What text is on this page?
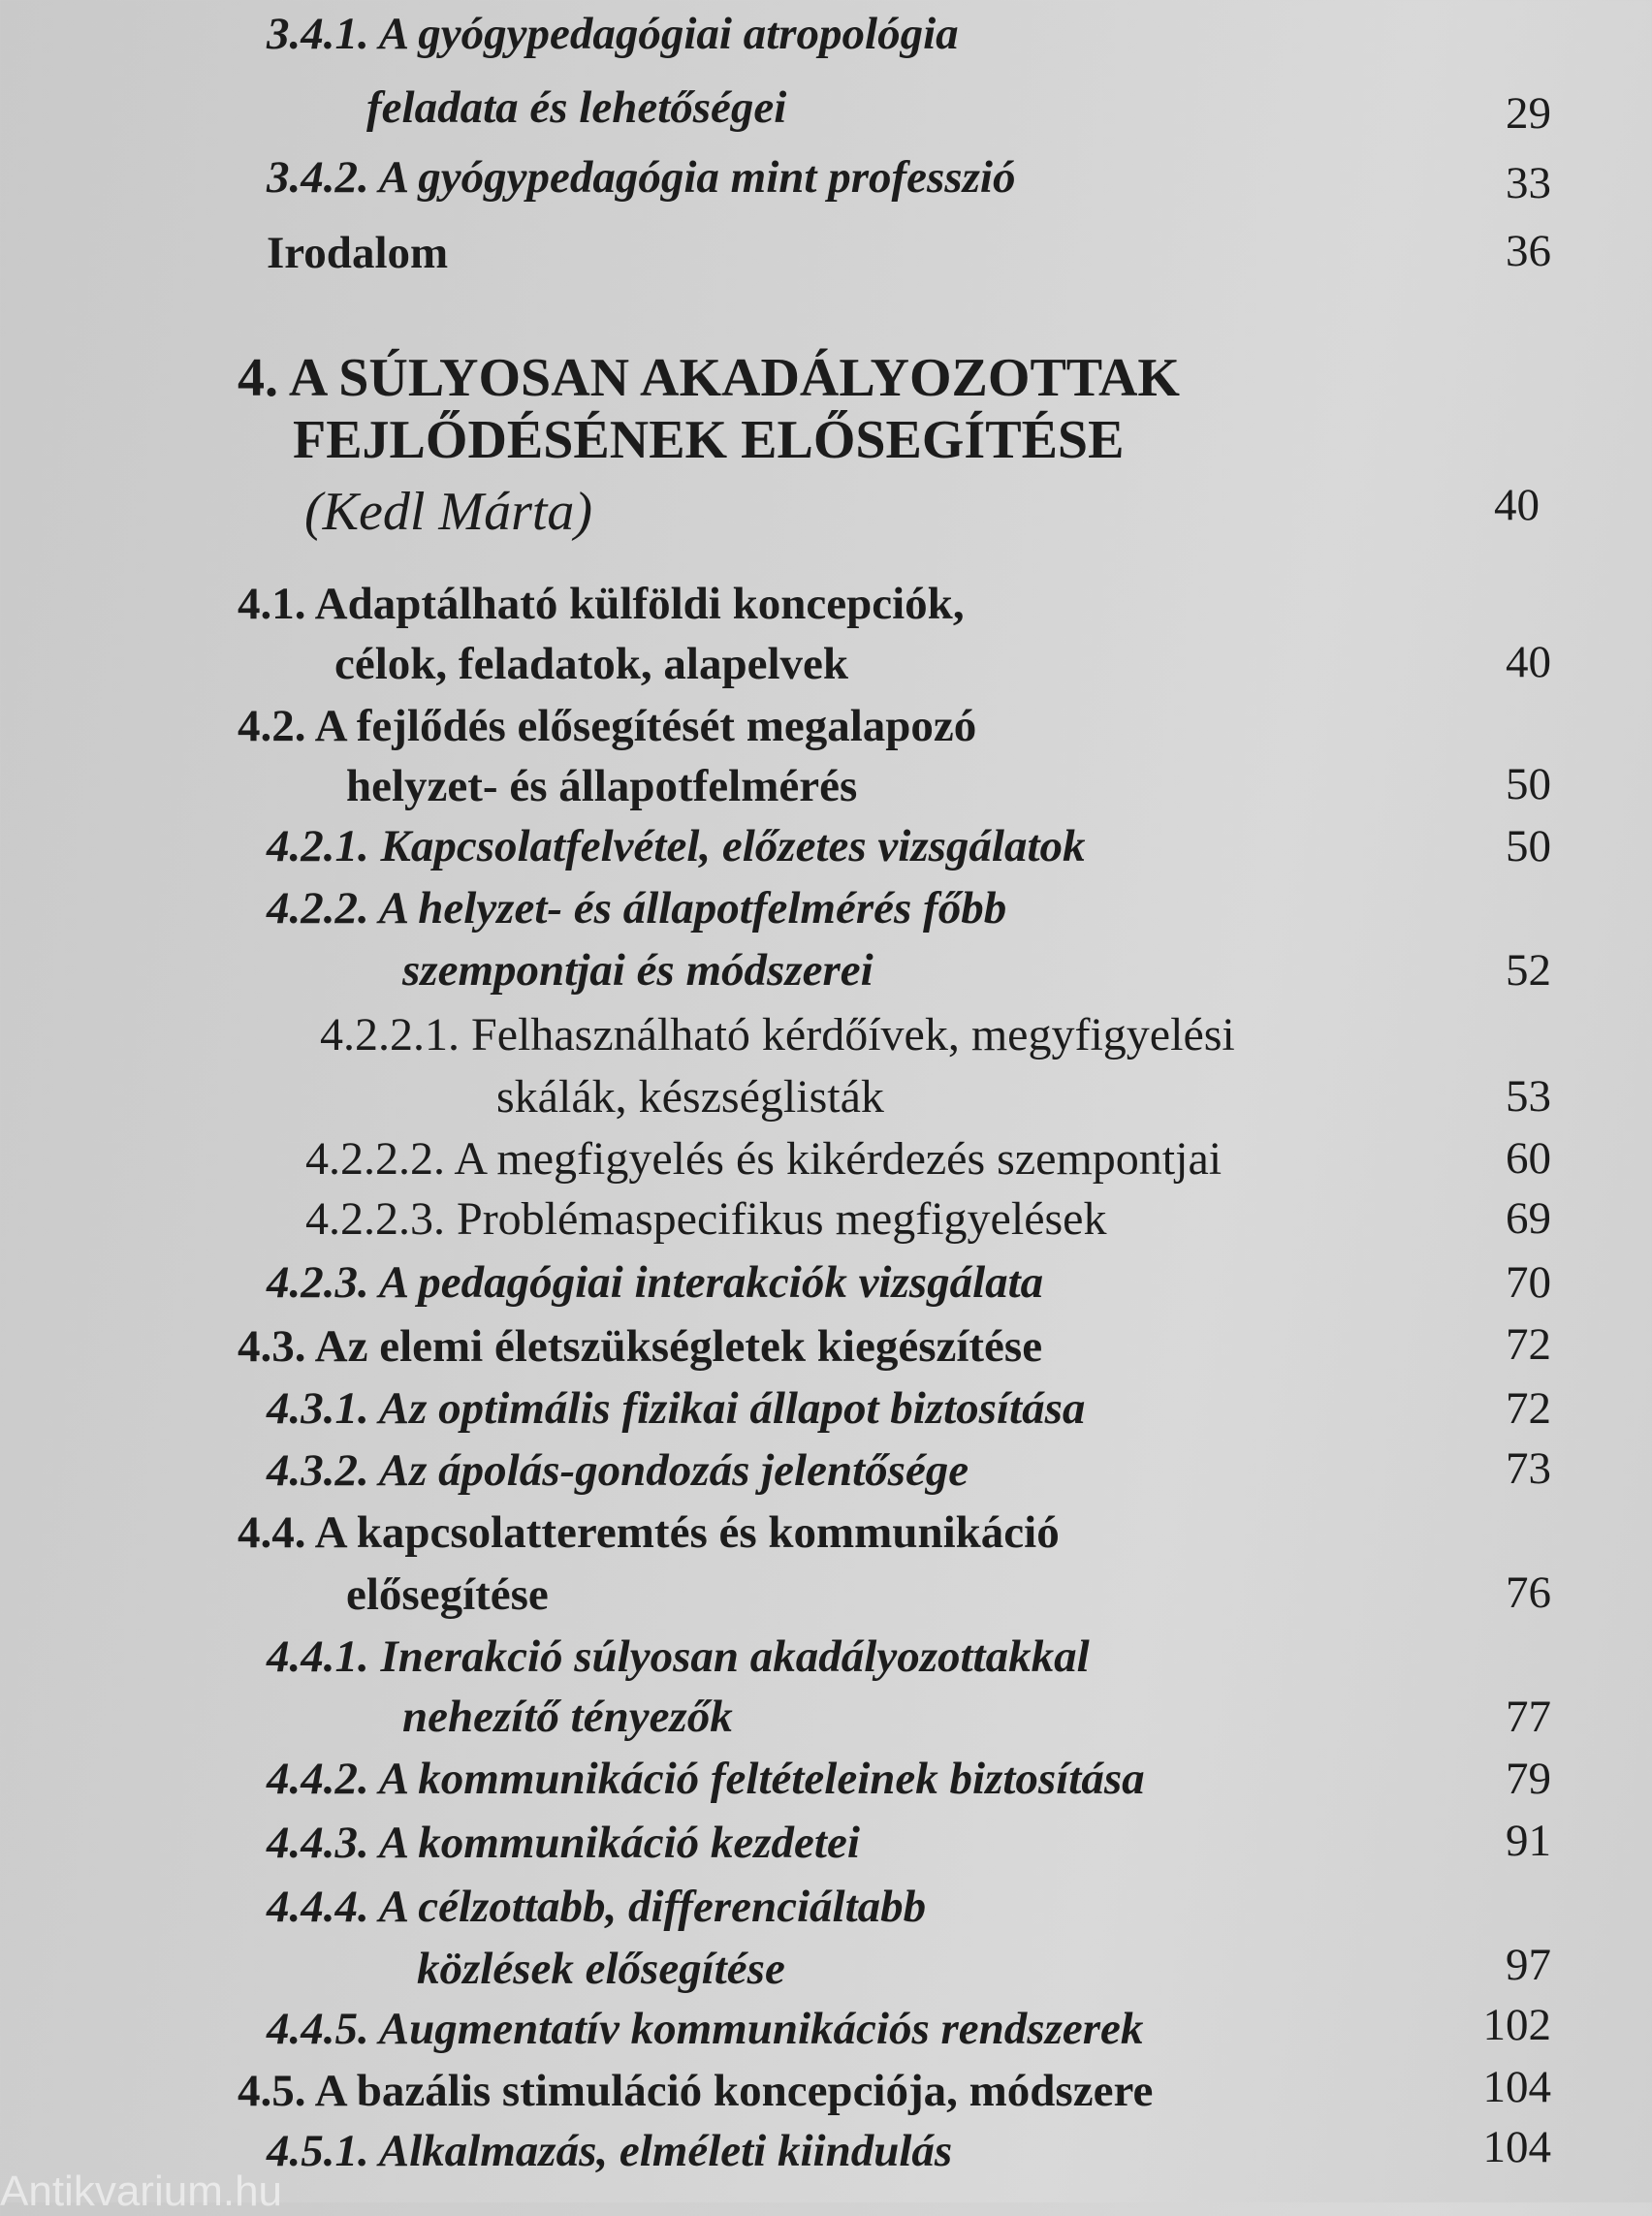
3.4.1. A gyógypedagógiai atropológia
feladata és lehetőségei	29
3.4.2. A gyógypedagógia mint professzió	33
Irodalom	36
4. A SÚLYOSAN AKADÁLYOZOTTAK
FEJLŐDÉSÉNEK ELŐSEGÍTÉSE
(Kedl Márta)	40
4.1. Adaptálható külföldi koncepciók,
célok, feladatok, alapelvek	40
4.2. A fejlődés elősegítését megalapozó
helyzet- és állapotfelmérés	50
4.2.1. Kapcsolatfelvétel, előzetes vizsgálatok	50
4.2.2. A helyzet- és állapotfelmérés főbb
szempontjai és módszerei	52
4.2.2.1. Felhasználható kérdőívek, megyfigyelési
skálák, készséglisták	53
4.2.2.2. A megfigyelés és kikérdezés szempontjai	60
4.2.2.3. Problémaspecifikus megfigyelések	69
4.2.3. A pedagógiai interakciók vizsgálata	70
4.3. Az elemi életszükségletek kiegészítése	72
4.3.1. Az optimális fizikai állapot biztosítása	72
4.3.2. Az ápolás-gondozás jelentősége	73
4.4. A kapcsolatteremtés és kommunikáció
elősegítése	76
4.4.1. Inerakció súlyosan akadályozottakkal
nehezítő tényezők	77
4.4.2. A kommunikáció feltételeinek biztosítása	79
4.4.3. A kommunikáció kezdetei	91
4.4.4. A célzottabb, differenciáltabb
közlések elősegítése	97
4.4.5. Augmentatív kommunikációs rendszerek	102
4.5. A bazális stimuláció koncepciója, módszere	104
4.5.1. Alkalmazás, elméleti kiindulás	104
Antikvarium.hu
